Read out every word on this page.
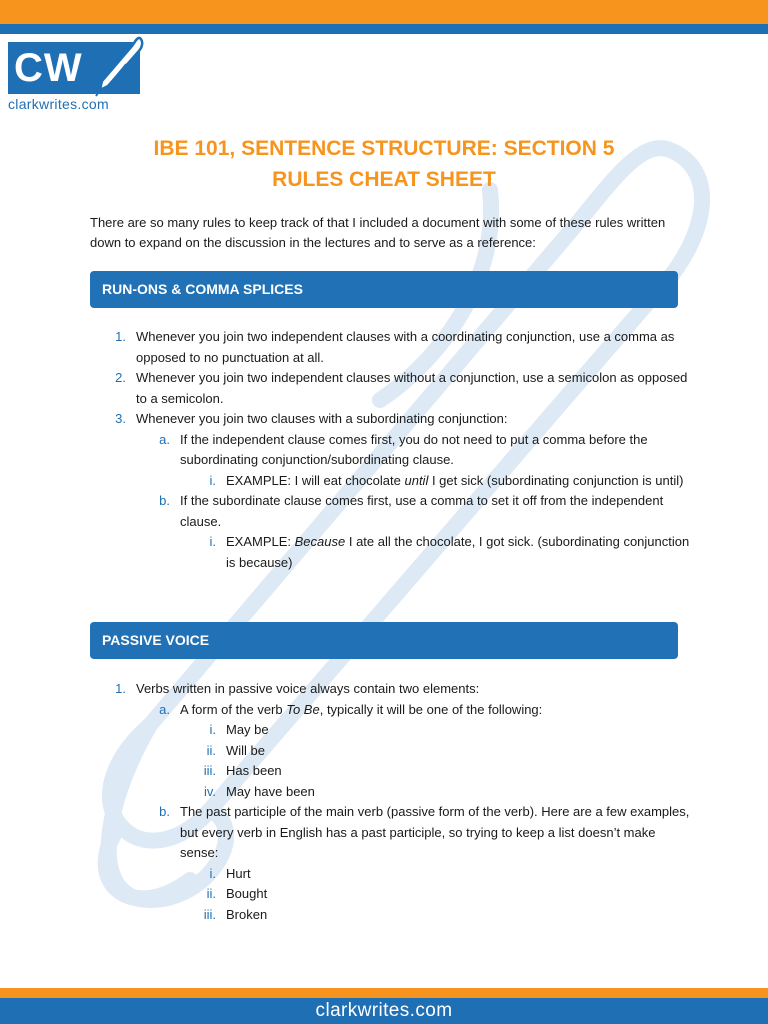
CW
clarkwrites.com
IBE 101, SENTENCE STRUCTURE: SECTION 5
RULES CHEAT SHEET
There are so many rules to keep track of that I included a document with some of these rules written down to expand on the discussion in the lectures and to serve as a reference:
RUN-ONS & COMMA SPLICES
1. Whenever you join two independent clauses with a coordinating conjunction, use a comma as opposed to no punctuation at all.
2. Whenever you join two independent clauses without a conjunction, use a semicolon as opposed to a semicolon.
3. Whenever you join two clauses with a subordinating conjunction:
a. If the independent clause comes first, you do not need to put a comma before the subordinating conjunction/subordinating clause.
i. EXAMPLE: I will eat chocolate until I get sick (subordinating conjunction is until)
b. If the subordinate clause comes first, use a comma to set it off from the independent clause.
i. EXAMPLE: Because I ate all the chocolate, I got sick. (subordinating conjunction is because)
PASSIVE VOICE
1. Verbs written in passive voice always contain two elements:
a. A form of the verb To Be, typically it will be one of the following:
i. May be
ii. Will be
iii. Has been
iv. May have been
b. The past participle of the main verb (passive form of the verb). Here are a few examples, but every verb in English has a past participle, so trying to keep a list doesn’t make sense:
i. Hurt
ii. Bought
iii. Broken
clarkwrites.com
